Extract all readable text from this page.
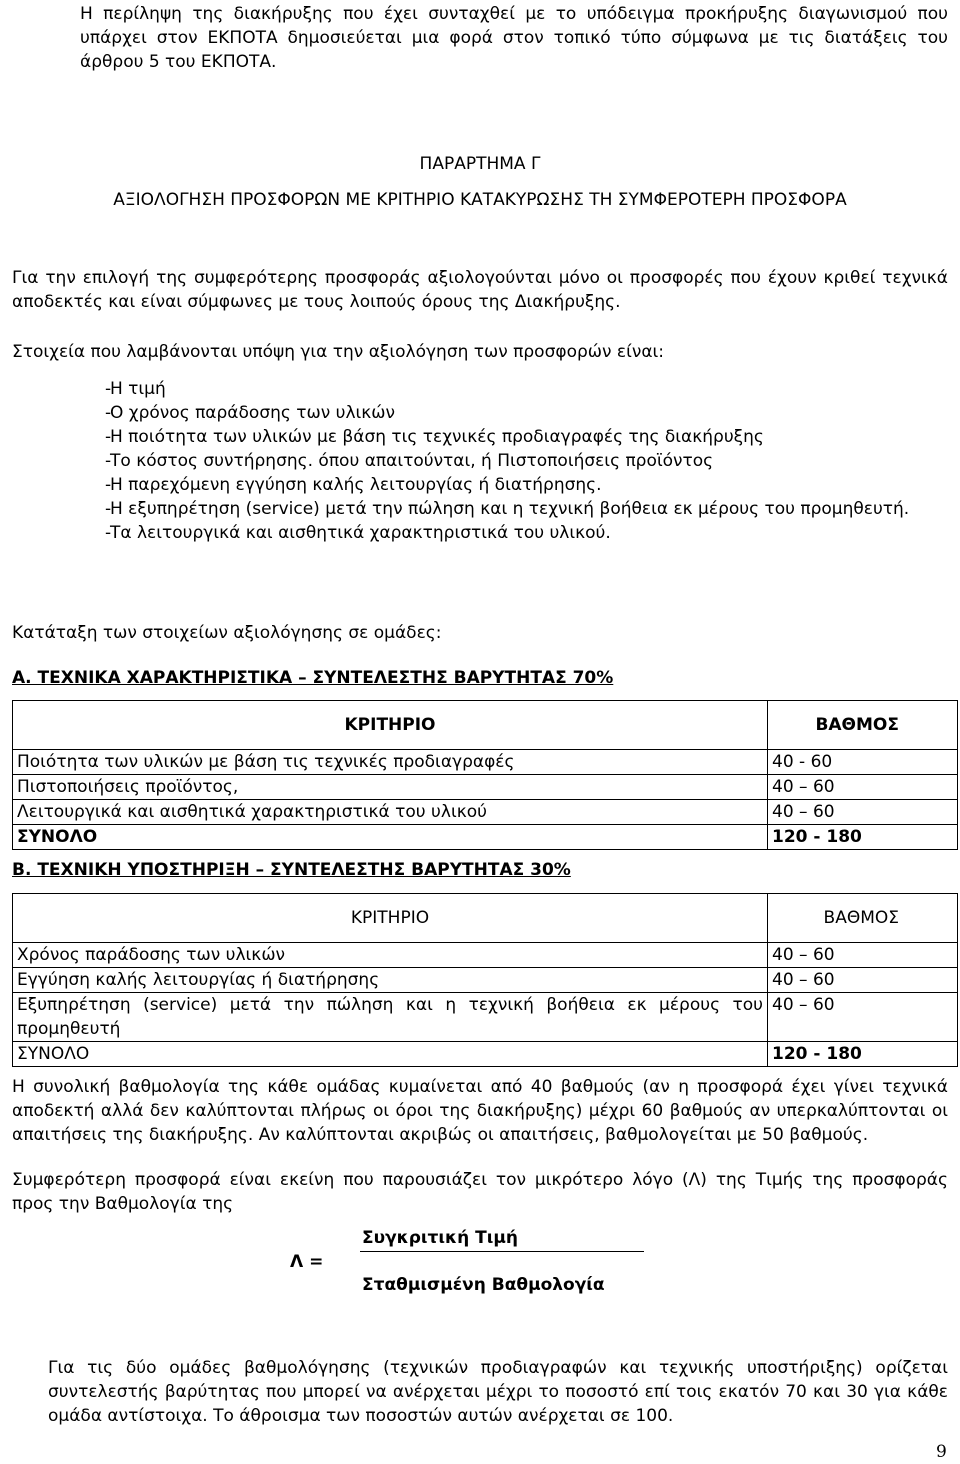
Η περίληψη της διακήρυξης που έχει συνταχθεί με το υπόδειγμα προκήρυξης διαγωνισμού που υπάρχει στον ΕΚΠΟΤΑ δημοσιεύεται μια φορά στον τοπικό τύπο σύμφωνα με τις διατάξεις του άρθρου 5 του ΕΚΠΟΤΑ.
ΠΑΡΑΡΤΗΜΑ Γ
ΑΞΙΟΛΟΓΗΣΗ ΠΡΟΣΦΟΡΩΝ ΜΕ ΚΡΙΤΗΡΙΟ ΚΑΤΑΚΥΡΩΣΗΣ ΤΗ ΣΥΜΦΕΡΟΤΕΡΗ ΠΡΟΣΦΟΡΑ
Για την επιλογή της συμφερότερης προσφοράς αξιολογούνται μόνο οι προσφορές που έχουν κριθεί τεχνικά αποδεκτές και είναι σύμφωνες με τους λοιπούς όρους της Διακήρυξης.
Στοιχεία που λαμβάνονται υπόψη για την αξιολόγηση των προσφορών είναι:
- Η τιμή
- Ο χρόνος παράδοσης των υλικών
- Η ποιότητα των υλικών με βάση τις τεχνικές προδιαγραφές της διακήρυξης
- Το κόστος συντήρησης. όπου απαιτούνται, ή Πιστοποιήσεις προϊόντος
- Η παρεχόμενη εγγύηση καλής λειτουργίας ή διατήρησης.
- Η εξυπηρέτηση (service) μετά την πώληση και η τεχνική βοήθεια εκ μέρους του προμηθευτή.
- Τα λειτουργικά και αισθητικά χαρακτηριστικά του υλικού.
Κατάταξη των στοιχείων αξιολόγησης σε ομάδες:
Α. ΤΕΧΝΙΚΑ ΧΑΡΑΚΤΗΡΙΣΤΙΚΑ – ΣΥΝΤΕΛΕΣΤΗΣ ΒΑΡΥΤΗΤΑΣ 70%
ΚΡΙΤΗΡΙΟ	ΒΑΘΜΟΣ
Ποιότητα των υλικών με βάση τις τεχνικές προδιαγραφές	40 - 60
Πιστοποιήσεις προϊόντος,	40 – 60
Λειτουργικά και αισθητικά χαρακτηριστικά του υλικού	40 – 60
ΣΥΝΟΛΟ	120 - 180
Β. ΤΕΧΝΙΚΗ ΥΠΟΣΤΗΡΙΞΗ – ΣΥΝΤΕΛΕΣΤΗΣ ΒΑΡΥΤΗΤΑΣ 30%
ΚΡΙΤΗΡΙΟ	ΒΑΘΜΟΣ
Χρόνος παράδοσης των υλικών	40 – 60
Εγγύηση καλής λειτουργίας ή διατήρησης	40 – 60
Εξυπηρέτηση (service) μετά την πώληση και η τεχνική βοήθεια εκ μέρους του προμηθευτή	40 – 60
ΣΥΝΟΛΟ	120 - 180
Η συνολική βαθμολογία της κάθε ομάδας κυμαίνεται από 40 βαθμούς (αν η προσφορά έχει γίνει τεχνικά αποδεκτή αλλά δεν καλύπτονται πλήρως οι όροι της διακήρυξης) μέχρι 60 βαθμούς αν υπερκαλύπτονται οι απαιτήσεις της διακήρυξης. Αν καλύπτονται ακριβώς οι απαιτήσεις, βαθμολογείται με 50 βαθμούς.
Συμφερότερη προσφορά είναι εκείνη που παρουσιάζει τον μικρότερο λόγο (Λ) της Τιμής της προσφοράς προς την Βαθμολογία της
Λ =
Συγκριτική Τιμή
Σταθμισμένη Βαθμολογία
Για τις δύο ομάδες βαθμολόγησης (τεχνικών προδιαγραφών και τεχνικής υποστήριξης) ορίζεται συντελεστής βαρύτητας που μπορεί να ανέρχεται μέχρι το ποσοστό επί τοις εκατόν 70 και 30 για κάθε ομάδα αντίστοιχα. Το άθροισμα των ποσοστών αυτών ανέρχεται σε 100.
9
